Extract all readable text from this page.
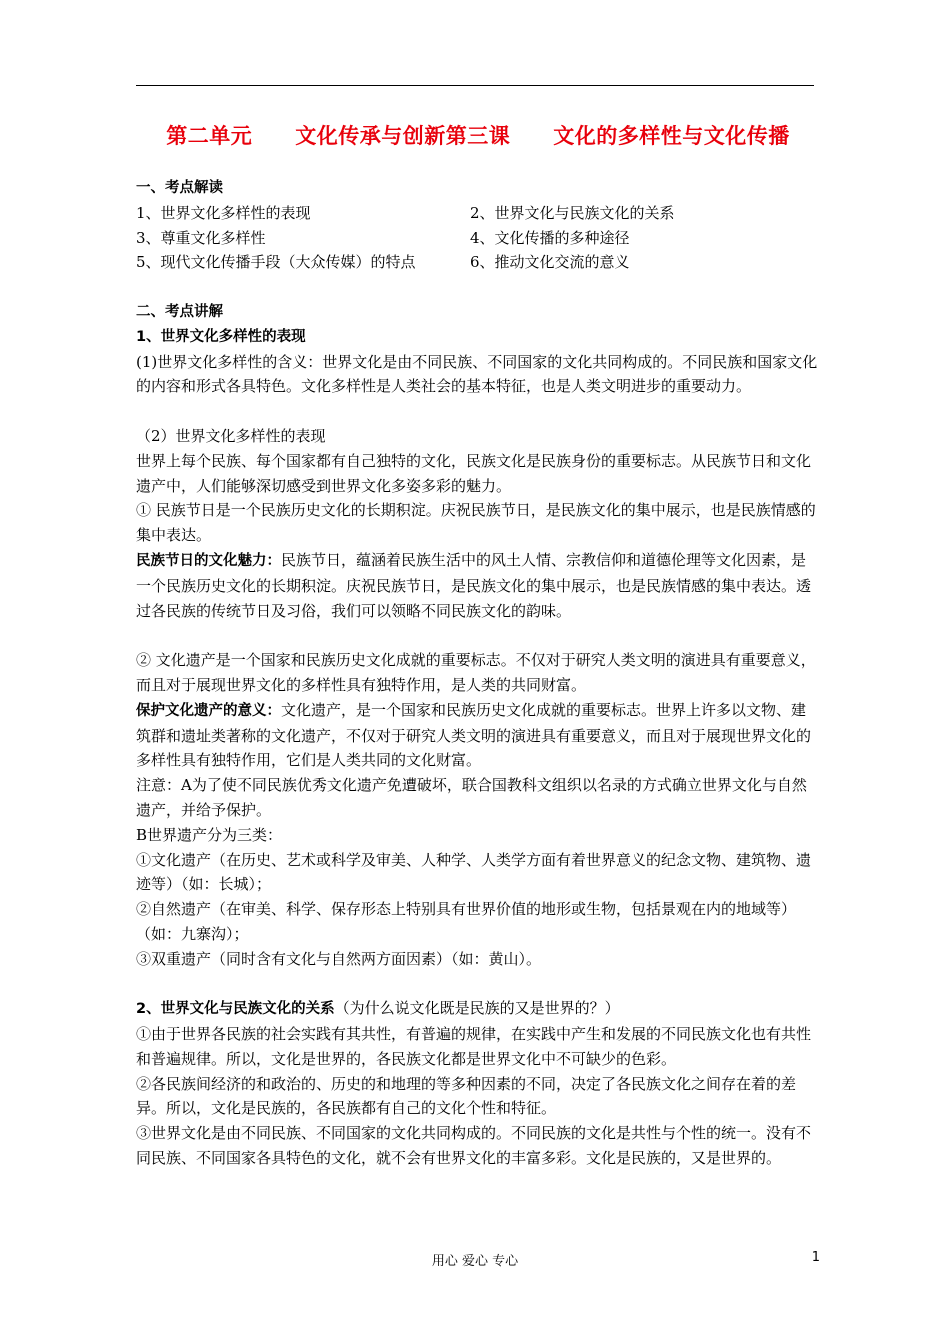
第二单元　　文化传承与创新第三课　　文化的多样性与文化传播
一、考点解读
1、世界文化多样性的表现	2、世界文化与民族文化的关系
3、尊重文化多样性	4、文化传播的多种途径
5、现代文化传播手段（大众传媒）的特点	6、推动文化交流的意义
二、考点讲解
1、世界文化多样性的表现
(1)世界文化多样性的含义：世界文化是由不同民族、不同国家的文化共同构成的。不同民族和国家文化的内容和形式各具特色。文化多样性是人类社会的基本特征，也是人类文明进步的重要动力。
（2）世界文化多样性的表现
世界上每个民族、每个国家都有自己独特的文化，民族文化是民族身份的重要标志。从民族节日和文化遗产中，人们能够深切感受到世界文化多姿多彩的魅力。
① 民族节日是一个民族历史文化的长期积淀。庆祝民族节日，是民族文化的集中展示，也是民族情感的集中表达。
民族节日的文化魅力：民族节日，蕴涵着民族生活中的风土人情、宗教信仰和道德伦理等文化因素，是一个民族历史文化的长期积淀。庆祝民族节日，是民族文化的集中展示，也是民族情感的集中表达。透过各民族的传统节日及习俗，我们可以领略不同民族文化的韵味。
② 文化遗产是一个国家和民族历史文化成就的重要标志。不仅对于研究人类文明的演进具有重要意义，而且对于展现世界文化的多样性具有独特作用，是人类的共同财富。
保护文化遗产的意义：文化遗产，是一个国家和民族历史文化成就的重要标志。世界上许多以文物、建筑群和遗址类著称的文化遗产，不仅对于研究人类文明的演进具有重要意义，而且对于展现世界文化的多样性具有独特作用，它们是人类共同的文化财富。
注意：A为了使不同民族优秀文化遗产免遭破坏，联合国教科文组织以名录的方式确立世界文化与自然遗产，并给予保护。
B世界遗产分为三类：
①文化遗产（在历史、艺术或科学及审美、人种学、人类学方面有着世界意义的纪念文物、建筑物、遗迹等）（如：长城）；
②自然遗产（在审美、科学、保存形态上特别具有世界价值的地形或生物，包括景观在内的地域等）（如：九寨沟）；
③双重遗产（同时含有文化与自然两方面因素）（如：黄山）。
2、世界文化与民族文化的关系（为什么说文化既是民族的又是世界的？）
①由于世界各民族的社会实践有其共性，有普遍的规律，在实践中产生和发展的不同民族文化也有共性和普遍规律。所以，文化是世界的，各民族文化都是世界文化中不可缺少的色彩。
②各民族间经济的和政治的、历史的和地理的等多种因素的不同，决定了各民族文化之间存在着的差异。所以，文化是民族的，各民族都有自己的文化个性和特征。
③世界文化是由不同民族、不同国家的文化共同构成的。不同民族的文化是共性与个性的统一。没有不同民族、不同国家各具特色的文化，就不会有世界文化的丰富多彩。文化是民族的，又是世界的。
用心 爱心 专心	1
